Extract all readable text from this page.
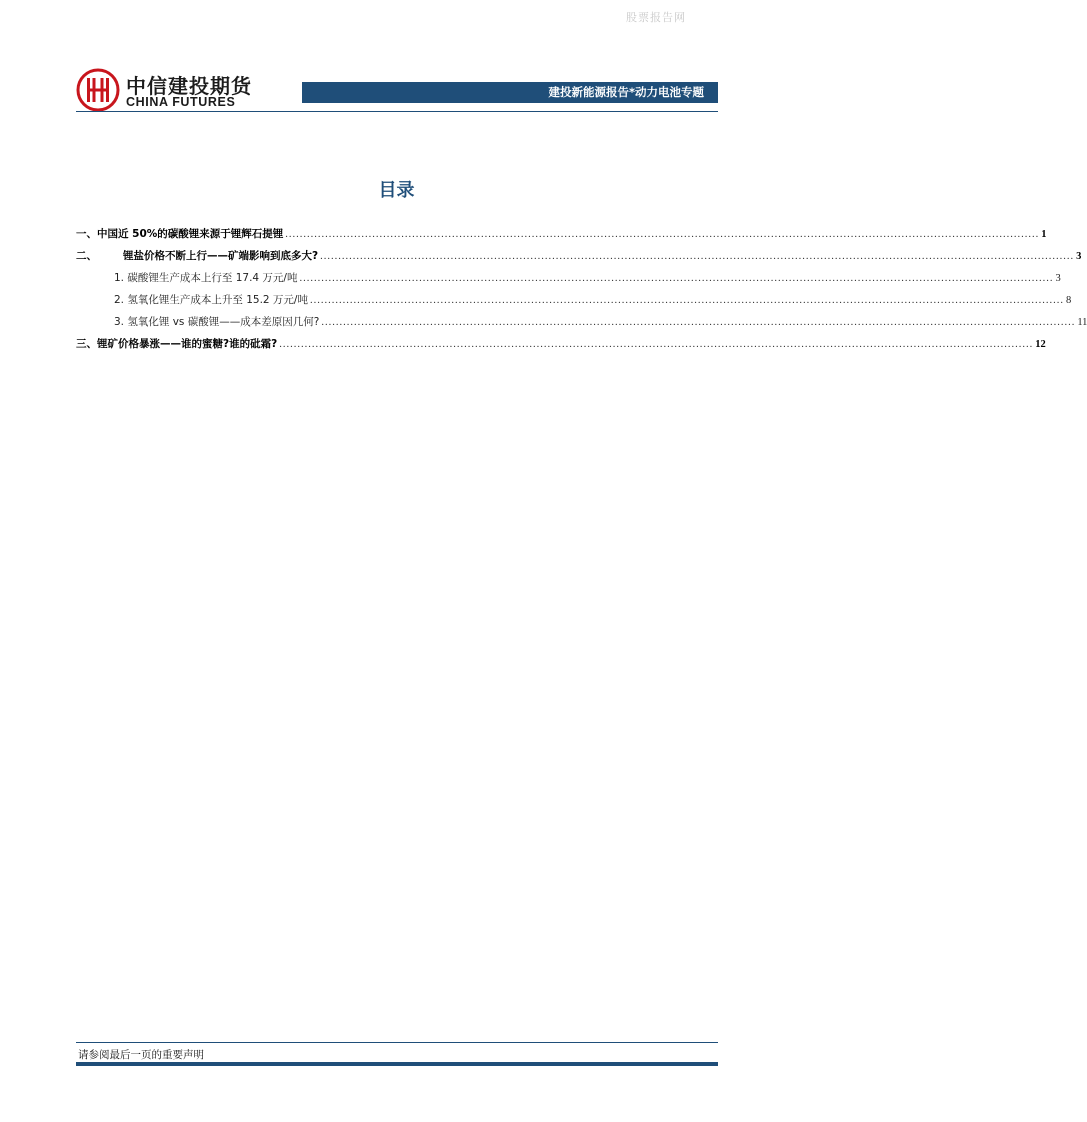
股票报告网
中信建投期货
CHINA FUTURES
建投新能源报告*动力电池专题
目录
一、中国近 50%的碳酸锂来源于锂辉石提锂 ................................................................................................................................................................................................................ 1
二、 锂盐价格不断上行——矿端影响到底多大? ................................................................................................................................................................................................................ 3
1. 碳酸锂生产成本上行至 17.4 万元/吨 ................................................................................................................................................................................................................ 3
2. 氢氧化锂生产成本上升至 15.2 万元/吨 ................................................................................................................................................................................................................ 8
3. 氢氧化锂 vs 碳酸锂——成本差原因几何? ................................................................................................................................................................................................................ 11
三、锂矿价格暴涨——谁的蜜糖?谁的砒霜? ................................................................................................................................................................................................................ 12
请参阅最后一页的重要声明
